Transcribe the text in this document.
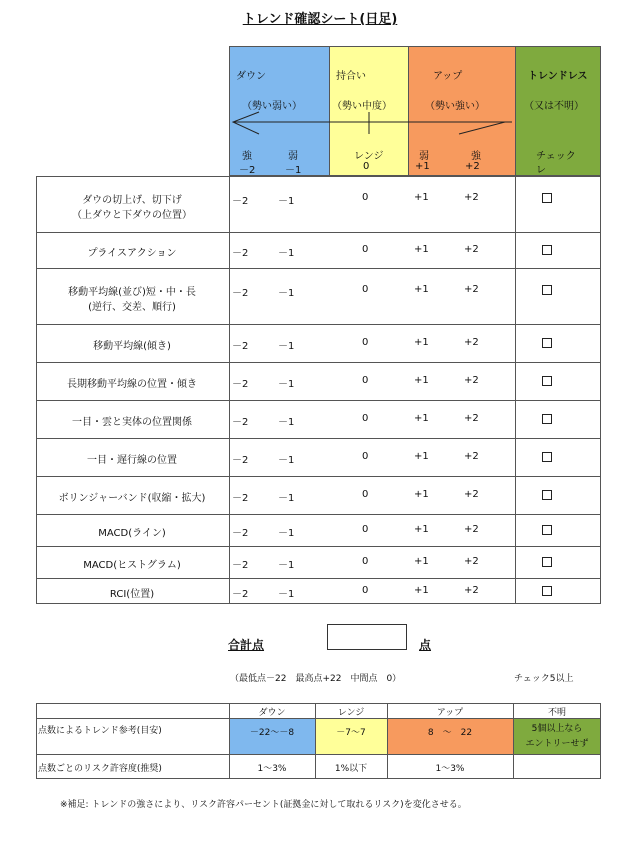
トレンド確認シート(日足)
ダウン
（勢い弱い）
強	弱
－2	－1
持合い
（勢い中度）
レンジ
0
アップ
（勢い強い）
弱	強
+1	+2
トレンドレス
（又は不明）
チェック
レ
ダウの切上げ、切下げ
（上ダウと下ダウの位置）
－2	－1	0	+1	+2
プライスアクション	－2	－1	0	+1	+2
移動平均線(並び)短・中・長
(逆行、交差、順行)
－2	－1	0	+1	+2
移動平均線(傾き)	－2	－1	0	+1	+2
長期移動平均線の位置・傾き	－2	－1	0	+1	+2
一目・雲と実体の位置関係	－2	－1	0	+1	+2
一目・遅行線の位置	－2	－1	0	+1	+2
ボリンジャーバンド(収縮・拡大)	－2	－1	0	+1	+2
MACD(ライン)	－2	－1	0	+1	+2
MACD(ヒストグラム)	－2	－1	0	+1	+2
RCI(位置)	－2	－1	0	+1	+2
合計点	点
（最低点－22　最高点+22　中間点　0）	チェック5以上
ダウン	レンジ	アップ	不明
点数によるトレンド参考(目安)	－22～－8	－7～7	8　～　22	5個以上なら
エントリーせず
点数ごとのリスク許容度(推奨)	1～3%	1%以下	1～3%
※補足: トレンドの強さにより、リスク許容パーセント(証拠金に対して取れるリスク)を変化させる。
